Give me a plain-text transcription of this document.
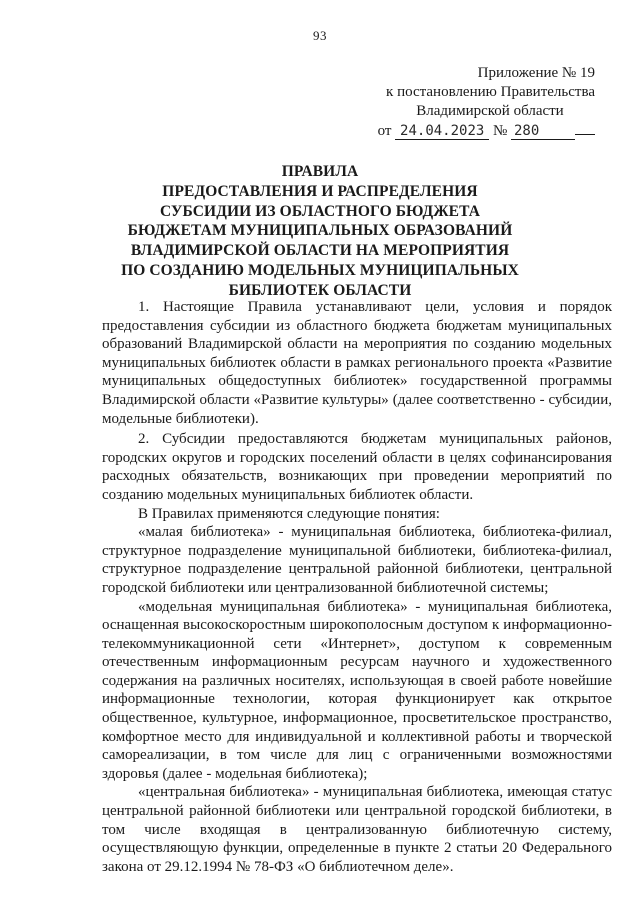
93
Приложение № 19
к постановлению Правительства
Владимирской области
от 24.04.2023 № 280
ПРАВИЛА
ПРЕДОСТАВЛЕНИЯ И РАСПРЕДЕЛЕНИЯ
СУБСИДИИ ИЗ ОБЛАСТНОГО БЮДЖЕТА
БЮДЖЕТАМ МУНИЦИПАЛЬНЫХ ОБРАЗОВАНИЙ
ВЛАДИМИРСКОЙ ОБЛАСТИ НА МЕРОПРИЯТИЯ
ПО СОЗДАНИЮ МОДЕЛЬНЫХ МУНИЦИПАЛЬНЫХ
БИБЛИОТЕК ОБЛАСТИ

1. Настоящие Правила устанавливают цели, условия и порядок предоставления субсидии из областного бюджета бюджетам муниципальных образований Владимирской области на мероприятия по созданию модельных муниципальных библиотек области в рамках регионального проекта «Развитие муниципальных общедоступных библиотек» государственной программы Владимирской области «Развитие культуры» (далее соответственно - субсидии, модельные библиотеки).

2. Субсидии предоставляются бюджетам муниципальных районов, городских округов и городских поселений области в целях софинансирования расходных обязательств, возникающих при проведении мероприятий по созданию модельных муниципальных библиотек области.

В Правилах применяются следующие понятия:

«малая библиотека» - муниципальная библиотека, библиотека-филиал, структурное подразделение муниципальной библиотеки, библиотека-филиал, структурное подразделение центральной районной библиотеки, центральной городской библиотеки или централизованной библиотечной системы;

«модельная муниципальная библиотека» - муниципальная библиотека, оснащенная высокоскоростным широкополосным доступом к информационно-телекоммуникационной сети «Интернет», доступом к современным отечественным информационным ресурсам научного и художественного содержания на различных носителях, использующая в своей работе новейшие информационные технологии, которая функционирует как открытое общественное, культурное, информационное, просветительское пространство, комфортное место для индивидуальной и коллективной работы и творческой самореализации, в том числе для лиц с ограниченными возможностями здоровья (далее - модельная библиотека);

«центральная библиотека» - муниципальная библиотека, имеющая статус центральной районной библиотеки или центральной городской библиотеки, в том числе входящая в централизованную библиотечную систему, осуществляющую функции, определенные в пункте 2 статьи 20 Федерального закона от 29.12.1994 № 78-ФЗ «О библиотечном деле».
